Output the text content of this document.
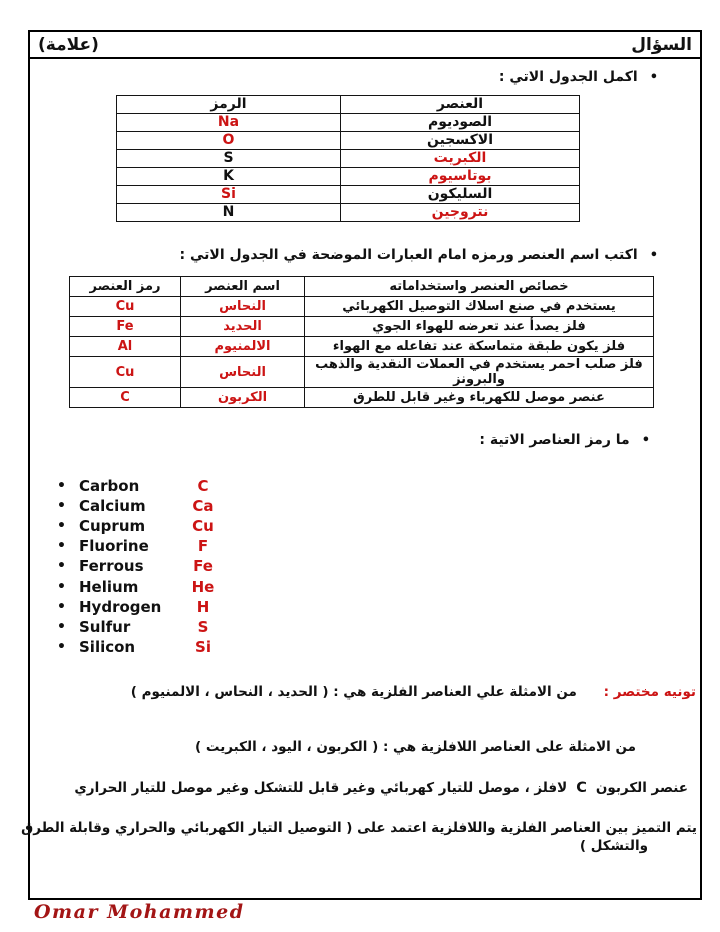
السؤال
(علامة)
• اكمل الجدول الاتي :
العنصر	الرمز
الصوديوم	Na
الاكسجين	O
الكبريت	S
بوتاسيوم	K
السليكون	Si
نتروجين	N
• اكتب اسم العنصر ورمزه امام العبارات الموضحة في الجدول الاتي :
خصائص العنصر واستخداماته	اسم العنصر	رمز العنصر
يستخدم في صنع اسلاك التوصيل الكهربائي	النحاس	Cu
فلز يصدأ عند تعرضه للهواء الجوي	الحديد	Fe
فلز يكون طبقة متماسكة عند تفاعله مع الهواء	الالمنيوم	Al
فلز صلب احمر يستخدم في العملات النقدية والذهب والبرونز	النحاس	Cu
عنصر موصل للكهرباء وغير قابل للطرق	الكربون	C
• ما رمز العناصر الاتية :
• Carbon	C
• Calcium	Ca
• Cuprum	Cu
• Fluorine	F
• Ferrous	Fe
• Helium	He
• Hydrogen	H
• Sulfur	S
• Silicon	Si
تونيه مختصر : من الامثلة علي العناصر الفلزية هي : ( الحديد ، النحاس ، الالمنيوم )
من الامثلة على العناصر اللافلزية هي : ( الكربون ، اليود ، الكبريت )
عنصر الكربونCلافلز ، موصل للتيار كهربائي وغير قابل للتشكل وغير موصل للتيار الحراري
يتم التميز بين العناصر الفلزية واللافلزية اعتمد على ( التوصيل التيار الكهربائي والحراري وقابلة الطرق
والتشكل )
Omar Mohammed
